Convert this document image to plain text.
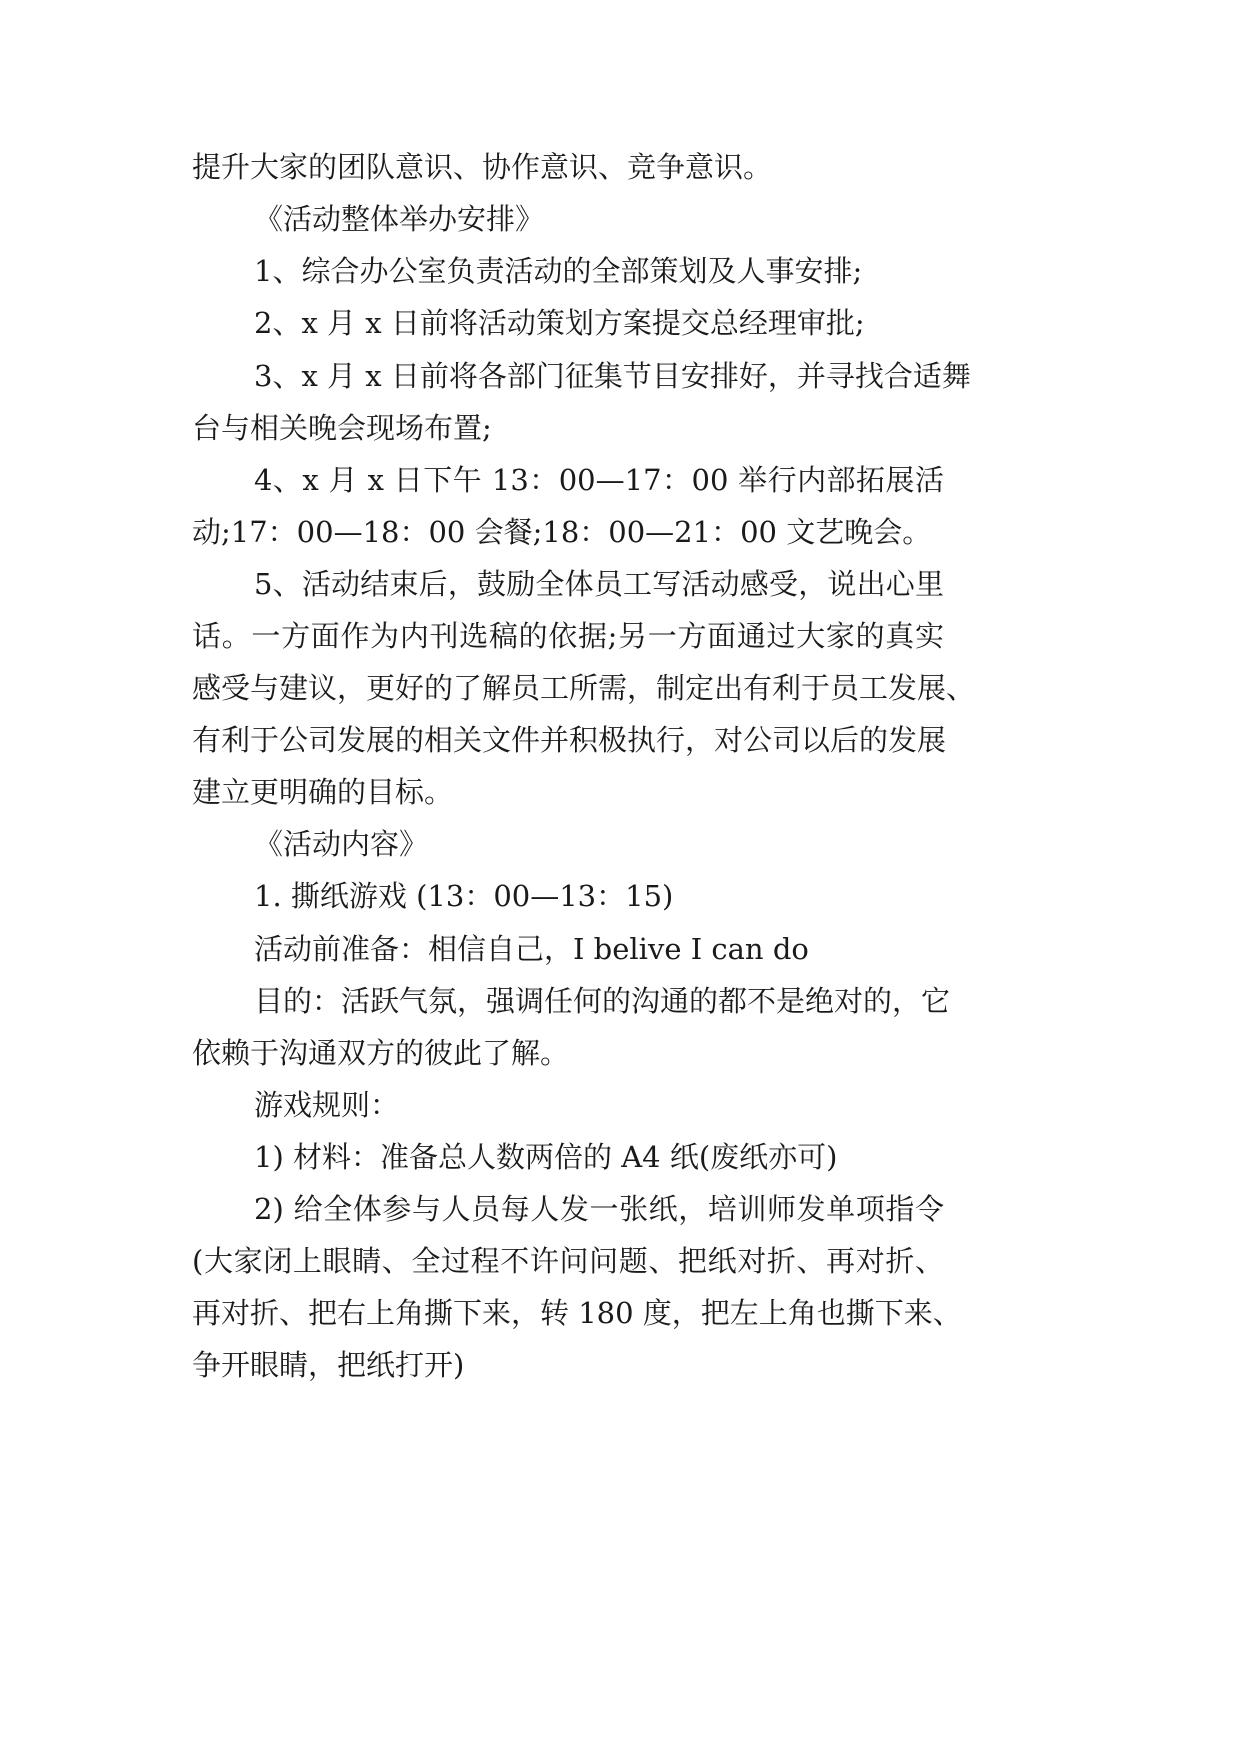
提升大家的团队意识、协作意识、竞争意识。
《活动整体举办安排》
1、综合办公室负责活动的全部策划及人事安排;
2、x 月 x 日前将活动策划方案提交总经理审批;
3、x 月 x 日前将各部门征集节目安排好，并寻找合适舞
台与相关晚会现场布置;
4、x 月 x 日下午 13：00—17：00 举行内部拓展活
动;17：00—18：00 会餐;18：00—21：00 文艺晚会。
5、活动结束后，鼓励全体员工写活动感受，说出心里
话。一方面作为内刊选稿的依据;另一方面通过大家的真实
感受与建议，更好的了解员工所需，制定出有利于员工发展、
有利于公司发展的相关文件并积极执行，对公司以后的发展
建立更明确的目标。
《活动内容》
1. 撕纸游戏 (13：00—13：15)
活动前准备：相信自己，I belive I can do
目的：活跃气氛，强调任何的沟通的都不是绝对的，它
依赖于沟通双方的彼此了解。
游戏规则：
1) 材料：准备总人数两倍的 A4 纸(废纸亦可)
2) 给全体参与人员每人发一张纸，培训师发单项指令
(大家闭上眼睛、全过程不许问问题、把纸对折、再对折、
再对折、把右上角撕下来，转 180 度，把左上角也撕下来、
争开眼睛，把纸打开)
